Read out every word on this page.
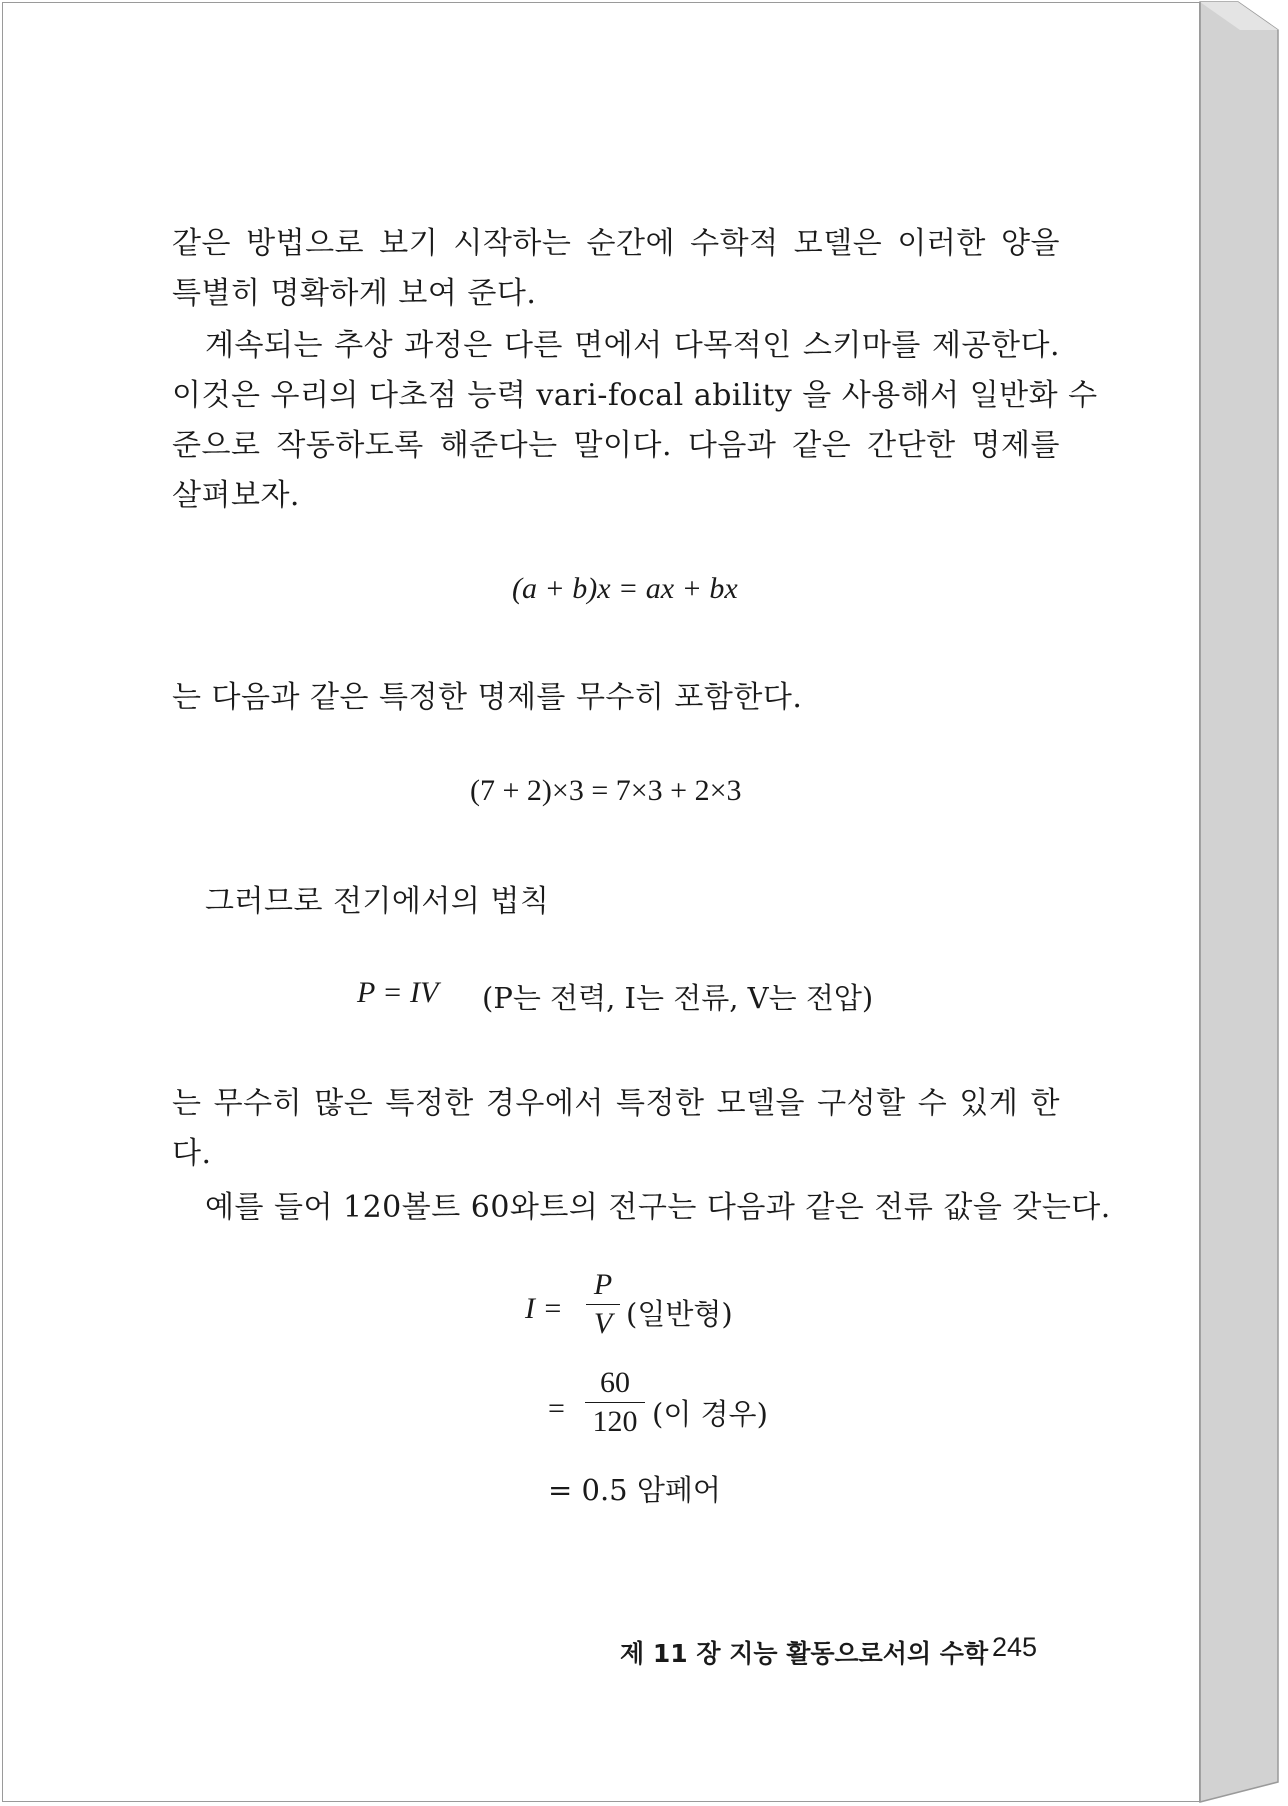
같은 방법으로 보기 시작하는 순간에 수학적 모델은 이러한 양을
특별히 명확하게 보여 준다.
계속되는 추상 과정은 다른 면에서 다목적인 스키마를 제공한다.
이것은 우리의 다초점 능력 vari-focal ability 을 사용해서 일반화 수
준으로 작동하도록 해준다는 말이다. 다음과 같은 간단한 명제를
살펴보자.
(a + b)x = ax + bx
는 다음과 같은 특정한 명제를 무수히 포함한다.
(7 + 2)×3 = 7×3 + 2×3
그러므로 전기에서의 법칙
P = IV (P는 전력, I는 전류, V는 전압)
는 무수히 많은 특정한 경우에서 특정한 모델을 구성할 수 있게 한
다.
예를 들어 120볼트 60와트의 전구는 다음과 같은 전류 값을 갖는다.
I =
P
V (일반형)
=
60
120 (이 경우)
= 0.5 암페어
제 11 장 지능 활동으로서의 수학 245
